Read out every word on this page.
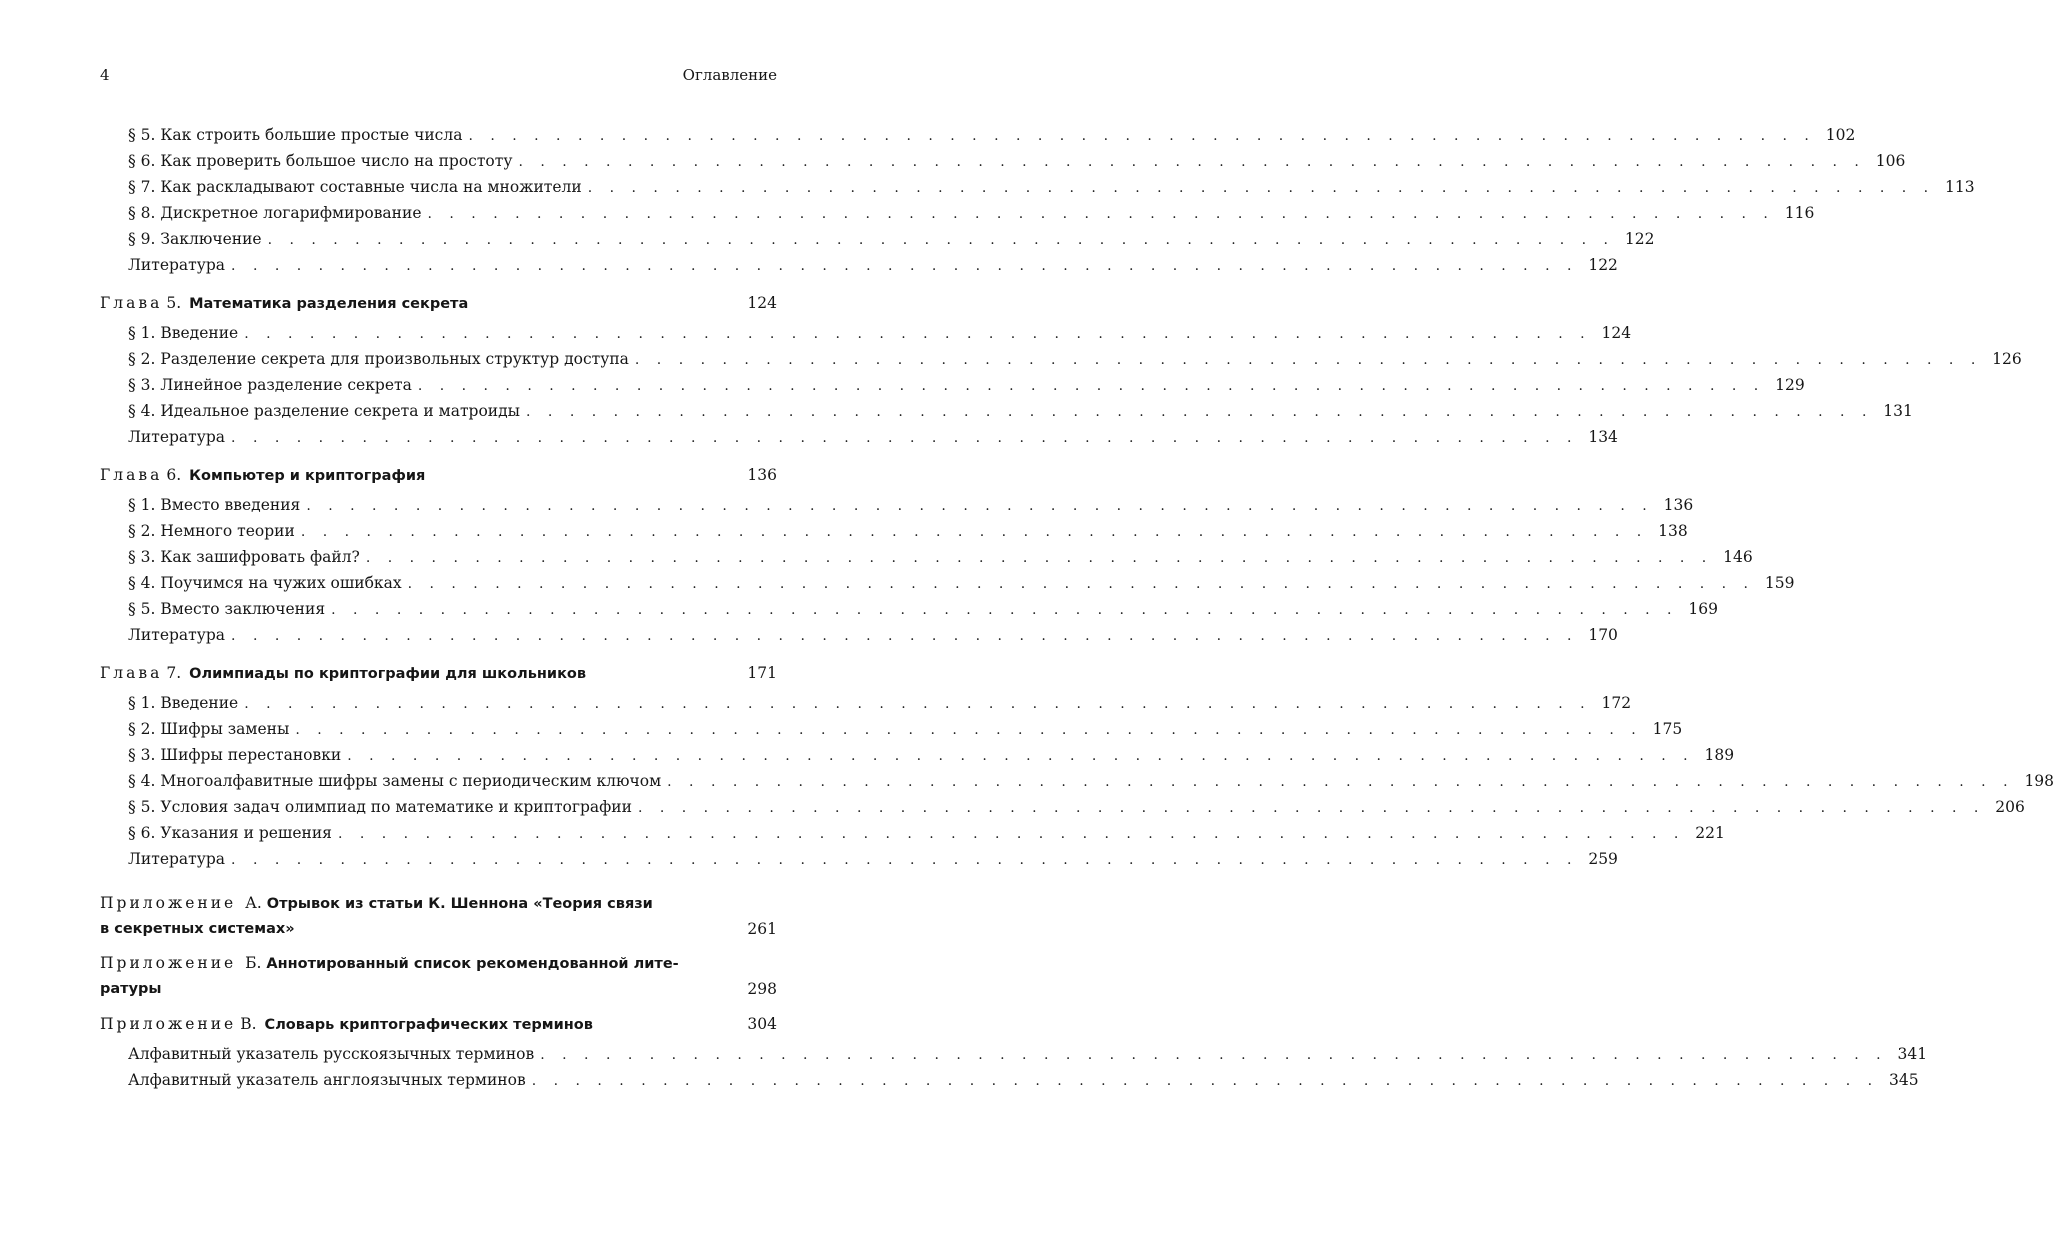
4	Оглавление
§ 5. Как строить большие простые числа . . . . . . . . . . . . . . . . . . . . . . . . . . . . . . . . . . . . . . . . . . . . . . . . . . . . . . . . . . . . . . 102
§ 6. Как проверить большое число на простоту . . . . . . . . . . . . . . . . . . . . . . . . . . . . . . . . . . . . . . . . . . . . . . . . . . . . . . . . . . . . . . 106
§ 7. Как раскладывают составные числа на множители . . . . . . . . . . . . . . . . . . . . . . . . . . . . . . . . . . . . . . . . . . . . . . . . . . . . . . . . . . . . . . 113
§ 8. Дискретное логарифмирование . . . . . . . . . . . . . . . . . . . . . . . . . . . . . . . . . . . . . . . . . . . . . . . . . . . . . . . . . . . . . . 116
§ 9. Заключение . . . . . . . . . . . . . . . . . . . . . . . . . . . . . . . . . . . . . . . . . . . . . . . . . . . . . . . . . . . . . . 122
Литература . . . . . . . . . . . . . . . . . . . . . . . . . . . . . . . . . . . . . . . . . . . . . . . . . . . . . . . . . . . . . . 122
Глава 5. Математика разделения секрета	124
§ 1. Введение . . . . . . . . . . . . . . . . . . . . . . . . . . . . . . . . . . . . . . . . . . . . . . . . . . . . . . . . . . . . . . 124
§ 2. Разделение секрета для произвольных структур доступа . . . . . . . . . . . . . . . . . . . . . . . . . . . . . . . . . . . . . . . . . . . . . . . . . . . . . . . . . . . . . . 126
§ 3. Линейное разделение секрета . . . . . . . . . . . . . . . . . . . . . . . . . . . . . . . . . . . . . . . . . . . . . . . . . . . . . . . . . . . . . . 129
§ 4. Идеальное разделение секрета и матроиды . . . . . . . . . . . . . . . . . . . . . . . . . . . . . . . . . . . . . . . . . . . . . . . . . . . . . . . . . . . . . . 131
Литература . . . . . . . . . . . . . . . . . . . . . . . . . . . . . . . . . . . . . . . . . . . . . . . . . . . . . . . . . . . . . . 134
Глава 6. Компьютер и криптография	136
§ 1. Вместо введения . . . . . . . . . . . . . . . . . . . . . . . . . . . . . . . . . . . . . . . . . . . . . . . . . . . . . . . . . . . . . . 136
§ 2. Немного теории . . . . . . . . . . . . . . . . . . . . . . . . . . . . . . . . . . . . . . . . . . . . . . . . . . . . . . . . . . . . . . 138
§ 3. Как зашифровать файл? . . . . . . . . . . . . . . . . . . . . . . . . . . . . . . . . . . . . . . . . . . . . . . . . . . . . . . . . . . . . . . 146
§ 4. Поучимся на чужих ошибках . . . . . . . . . . . . . . . . . . . . . . . . . . . . . . . . . . . . . . . . . . . . . . . . . . . . . . . . . . . . . . 159
§ 5. Вместо заключения . . . . . . . . . . . . . . . . . . . . . . . . . . . . . . . . . . . . . . . . . . . . . . . . . . . . . . . . . . . . . . 169
Литература . . . . . . . . . . . . . . . . . . . . . . . . . . . . . . . . . . . . . . . . . . . . . . . . . . . . . . . . . . . . . . 170
Глава 7. Олимпиады по криптографии для школьников	171
§ 1. Введение . . . . . . . . . . . . . . . . . . . . . . . . . . . . . . . . . . . . . . . . . . . . . . . . . . . . . . . . . . . . . . 172
§ 2. Шифры замены . . . . . . . . . . . . . . . . . . . . . . . . . . . . . . . . . . . . . . . . . . . . . . . . . . . . . . . . . . . . . . 175
§ 3. Шифры перестановки . . . . . . . . . . . . . . . . . . . . . . . . . . . . . . . . . . . . . . . . . . . . . . . . . . . . . . . . . . . . . . 189
§ 4. Многоалфавитные шифры замены с периодическим ключом . . . . . . . . . . . . . . . . . . . . . . . . . . . . . . . . . . . . . . . . . . . . . . . . . . . . . . . . . . . . . . 198
§ 5. Условия задач олимпиад по математике и криптографии . . . . . . . . . . . . . . . . . . . . . . . . . . . . . . . . . . . . . . . . . . . . . . . . . . . . . . . . . . . . . . 206
§ 6. Указания и решения . . . . . . . . . . . . . . . . . . . . . . . . . . . . . . . . . . . . . . . . . . . . . . . . . . . . . . . . . . . . . . 221
Литература . . . . . . . . . . . . . . . . . . . . . . . . . . . . . . . . . . . . . . . . . . . . . . . . . . . . . . . . . . . . . . 259
Приложение А. Отрывок из статьи К. Шеннона «Теория связи
в секретных системах»	261
Приложение Б. Аннотированный список рекомендованной лите-
ратуры	298
Приложение В. Словарь криптографических терминов	304
Алфавитный указатель русскоязычных терминов . . . . . . . . . . . . . . . . . . . . . . . . . . . . . . . . . . . . . . . . . . . . . . . . . . . . . . . . . . . . . . 341
Алфавитный указатель англоязычных терминов . . . . . . . . . . . . . . . . . . . . . . . . . . . . . . . . . . . . . . . . . . . . . . . . . . . . . . . . . . . . . . 345
